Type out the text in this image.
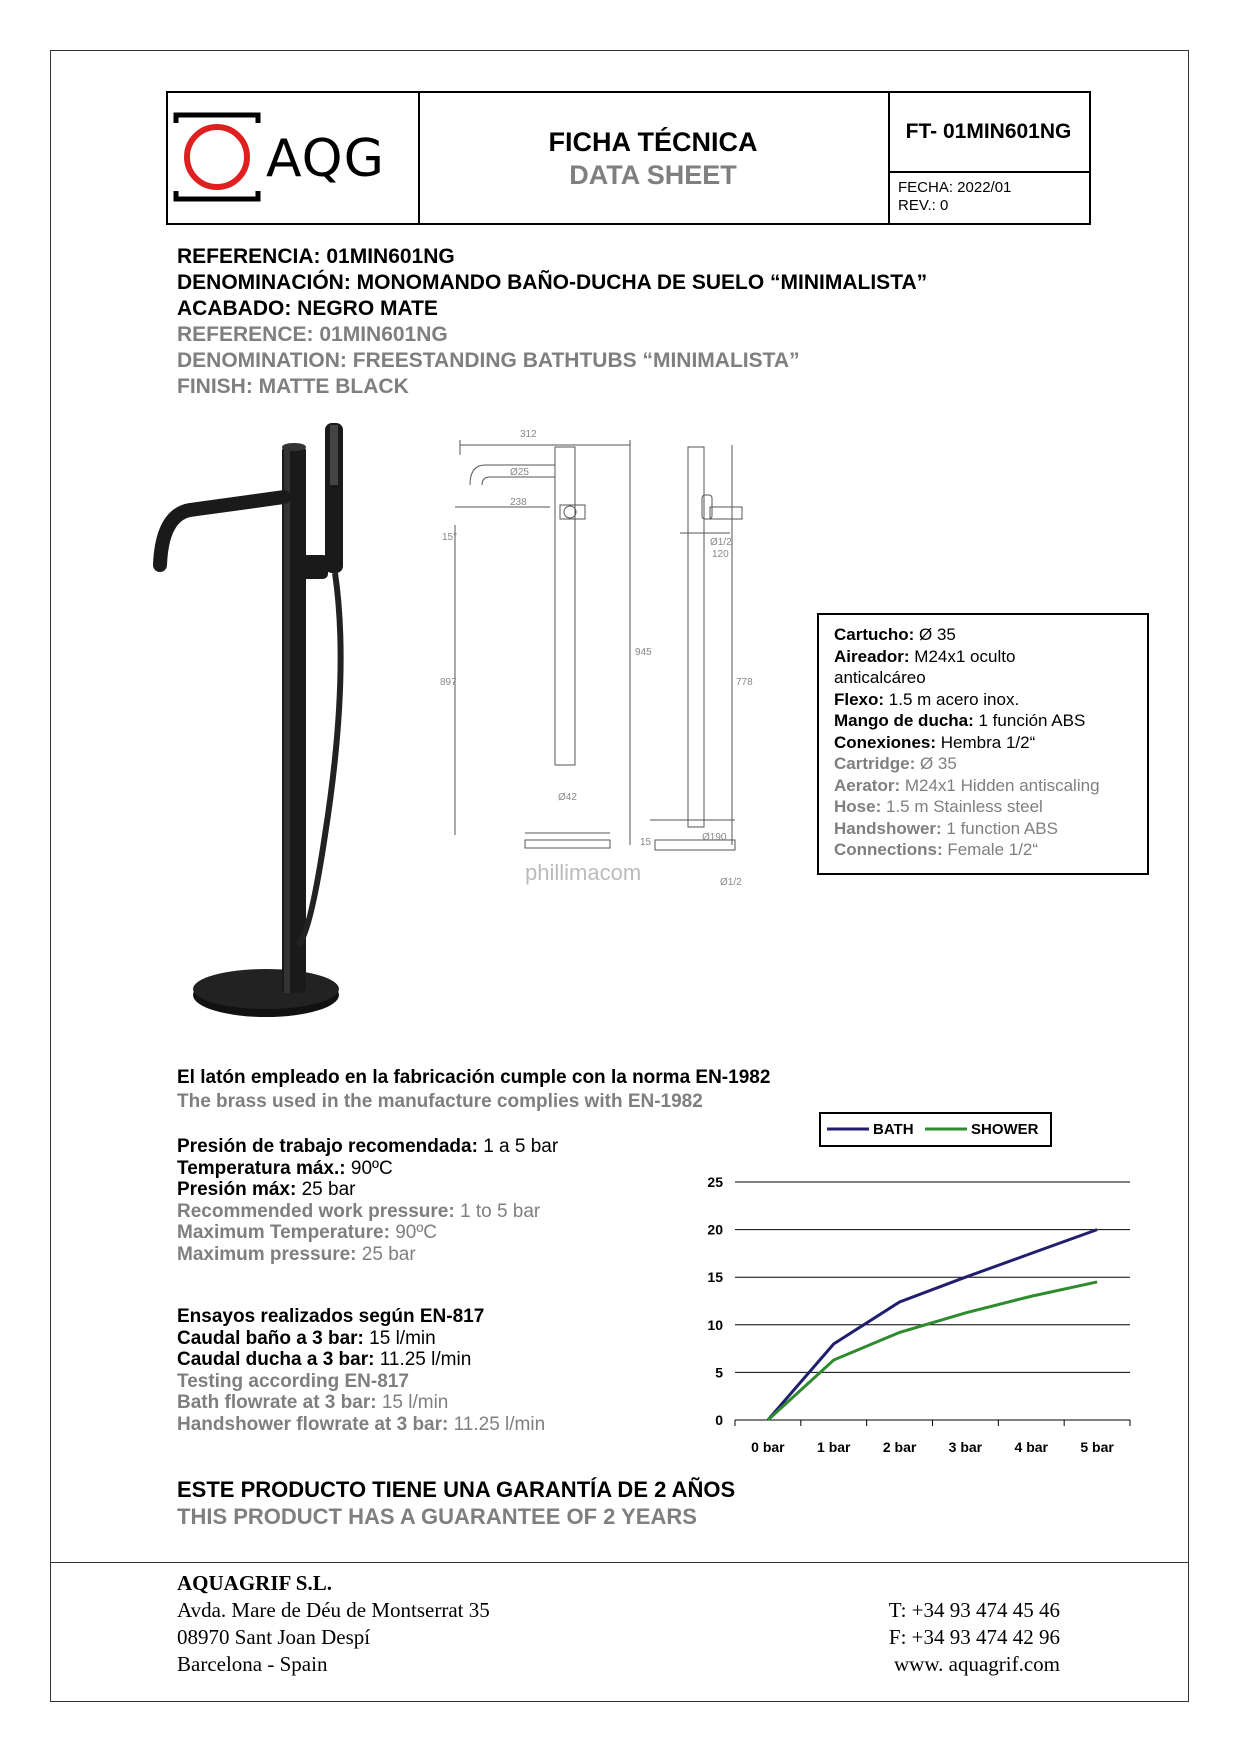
AQG	FICHA TÉCNICA
DATA SHEET
FT- 01MIN601NG
FECHA: 2022/01
REV.: 0
REFERENCIA: 01MIN601NG
DENOMINACIÓN: MONOMANDO BAÑO-DUCHA DE SUELO “MINIMALISTA”
ACABADO: NEGRO MATE
REFERENCE: 01MIN601NG
DENOMINATION: FREESTANDING BATHTUBS “MINIMALISTA”
FINISH: MATTE BLACK
312
Ø25
238
15°
945
897
Ø42
15
Ø1/2
120
778
Ø190
Ø1/2
phillimacom
Cartucho: Ø 35
Aireador: M24x1 oculto
anticalcáreo
Flexo: 1.5 m acero inox.
Mango de ducha: 1 función ABS
Conexiones: Hembra 1/2“
Cartridge: Ø 35
Aerator: M24x1 Hidden antiscaling
Hose: 1.5 m Stainless steel
Handshower: 1 function ABS
Connections: Female 1/2“
El latón empleado en la fabricación cumple con la norma EN-1982
The brass used in the manufacture complies with EN-1982
Presión de trabajo recomendada: 1 a 5 bar
Temperatura máx.: 90ºC
Presión máx: 25 bar
Recommended work pressure: 1 to 5 bar
Maximum Temperature: 90ºC
Maximum pressure: 25 bar
Ensayos realizados según EN-817
Caudal baño a 3 bar: 15 l/min
Caudal ducha a 3 bar: 11.25 l/min
Testing according EN-817
Bath flowrate at 3 bar: 15 l/min
Handshower flowrate at 3 bar: 11.25 l/min
BATH	SHOWER
0
5
10
15
20
25
0 bar 1 bar 2 bar 3 bar 4 bar 5 bar
ESTE PRODUCTO TIENE UNA GARANTÍA DE 2 AÑOS
THIS PRODUCT HAS A GUARANTEE OF 2 YEARS
AQUAGRIF S.L.
Avda. Mare de Déu de Montserrat 35
08970 Sant Joan Despí
Barcelona - Spain
T: +34 93 474 45 46
F: +34 93 474 42 96
www. aquagrif.com
